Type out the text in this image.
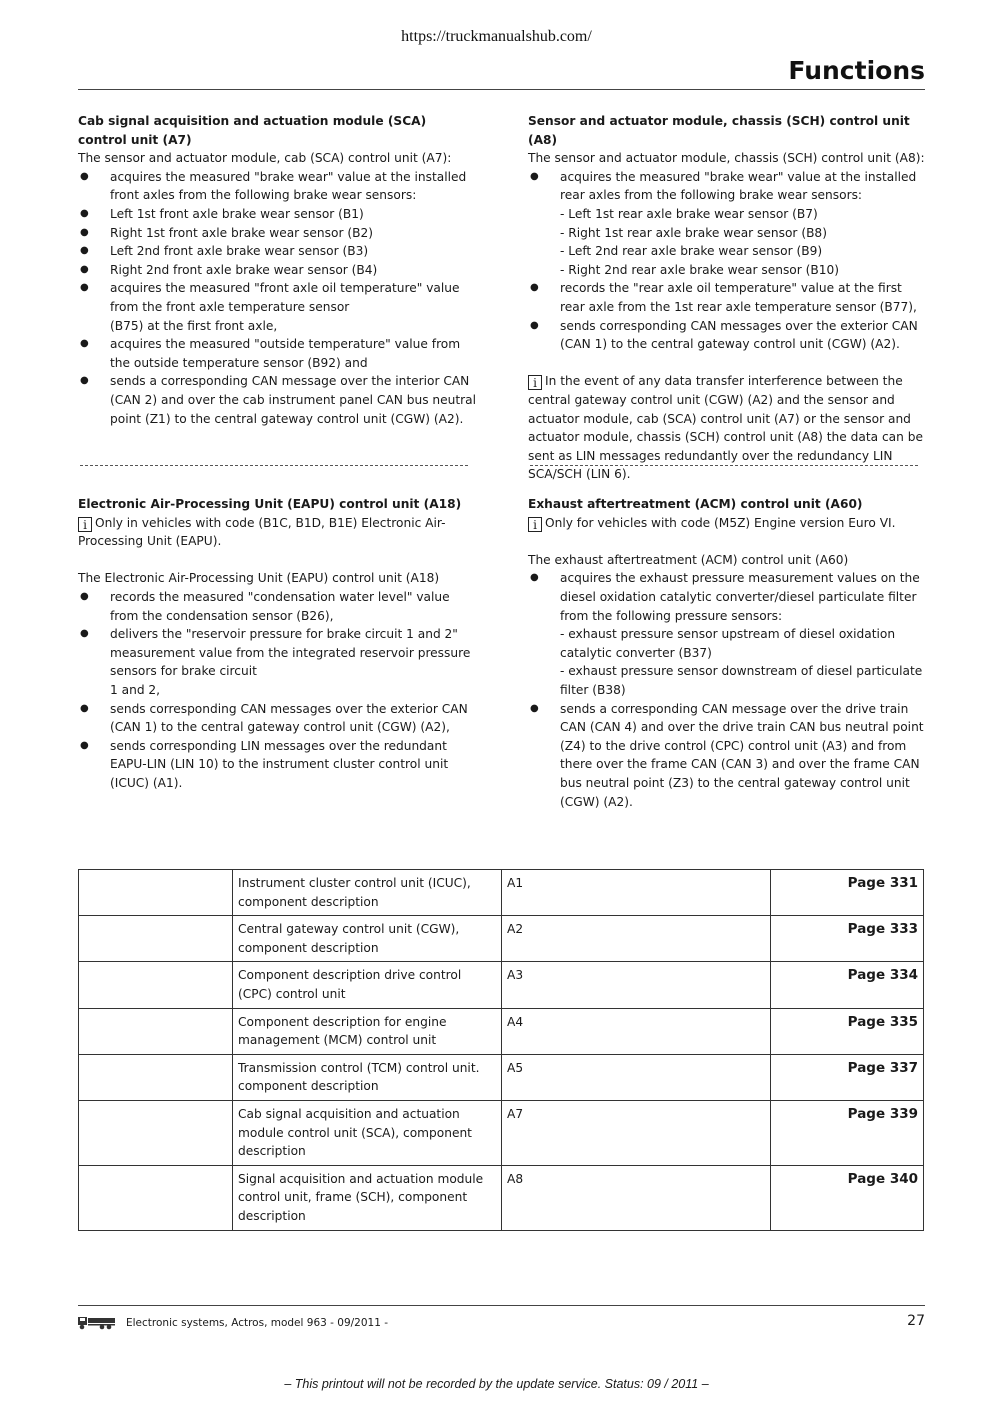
https://truckmanualshub.com/
Functions
Cab signal acquisition and actuation module (SCA) control unit (A7)

The sensor and actuator module, cab (SCA) control unit (A7):

● acquires the measured "brake wear" value at the installed front axles from the following brake wear sensors:
● Left 1st front axle brake wear sensor (B1)
● Right 1st front axle brake wear sensor (B2)
● Left 2nd front axle brake wear sensor (B3)
● Right 2nd front axle brake wear sensor (B4)
● acquires the measured "front axle oil temperature" value from the front axle temperature sensor
(B75) at the first front axle,
● acquires the measured "outside temperature" value from the outside temperature sensor (B92) and
● sends a corresponding CAN message over the interior CAN (CAN 2) and over the cab instrument panel CAN bus neutral point (Z1) to the central gateway control unit (CGW) (A2).
Sensor and actuator module, chassis (SCH) control unit (A8)

The sensor and actuator module, chassis (SCH) control unit (A8):

● acquires the measured "brake wear" value at the installed rear axles from the following brake wear sensors:
- Left 1st rear axle brake wear sensor (B7)
- Right 1st rear axle brake wear sensor (B8)
- Left 2nd rear axle brake wear sensor (B9)
- Right 2nd rear axle brake wear sensor (B10)
● records the "rear axle oil temperature" value at the first rear axle from the 1st rear axle temperature sensor (B77),
● sends corresponding CAN messages over the exterior CAN (CAN 1) to the central gateway control unit (CGW) (A2).

i In the event of any data transfer interference between the central gateway control unit (CGW) (A2) and the sensor and actuator module, cab (SCA) control unit (A7) or the sensor and actuator module, chassis (SCH) control unit (A8) the data can be sent as LIN messages redundantly over the redundancy LIN SCA/SCH (LIN 6).

Electronic Air-Processing Unit (EAPU) control unit (A18)

i Only in vehicles with code (B1C, B1D, B1E) Electronic Air-Processing Unit (EAPU).

The Electronic Air-Processing Unit (EAPU) control unit (A18)

● records the measured "condensation water level" value from the condensation sensor (B26),
● delivers the "reservoir pressure for brake circuit 1 and 2" measurement value from the integrated reservoir pressure sensors for brake circuit
1 and 2,
● sends corresponding CAN messages over the exterior CAN (CAN 1) to the central gateway control unit (CGW) (A2),
● sends corresponding LIN messages over the redundant EAPU-LIN (LIN 10) to the instrument cluster control unit (ICUC) (A1).
Exhaust aftertreatment (ACM) control unit (A60)

i Only for vehicles with code (M5Z) Engine version Euro VI.

The exhaust aftertreatment (ACM) control unit (A60)

● acquires the exhaust pressure measurement values on the diesel oxidation catalytic converter/diesel particulate filter from the following pressure sensors:
- exhaust pressure sensor upstream of diesel oxidation catalytic converter (B37)
- exhaust pressure sensor downstream of diesel particulate filter (B38)
● sends a corresponding CAN message over the drive train CAN (CAN 4) and over the drive train CAN bus neutral point (Z4) to the drive control (CPC) control unit (A3) and from there over the frame CAN (CAN 3) and over the frame CAN bus neutral point (Z3) to the central gateway control unit (CGW) (A2).
	Instrument cluster control unit (ICUC), component description	A1	Page 331
	Central gateway control unit (CGW), component description	A2	Page 333
	Component description drive control (CPC) control unit	A3	Page 334
	Component description for engine management (MCM) control unit	A4	Page 335
	Transmission control (TCM) control unit. component description	A5	Page 337
	Cab signal acquisition and actuation module control unit (SCA), component description	A7	Page 339
	Signal acquisition and actuation module control unit, frame (SCH), component description	A8	Page 340
Electronic systems, Actros, model 963 - 09/2011 -	27
– This printout will not be recorded by the update service. Status: 09 / 2011 –
